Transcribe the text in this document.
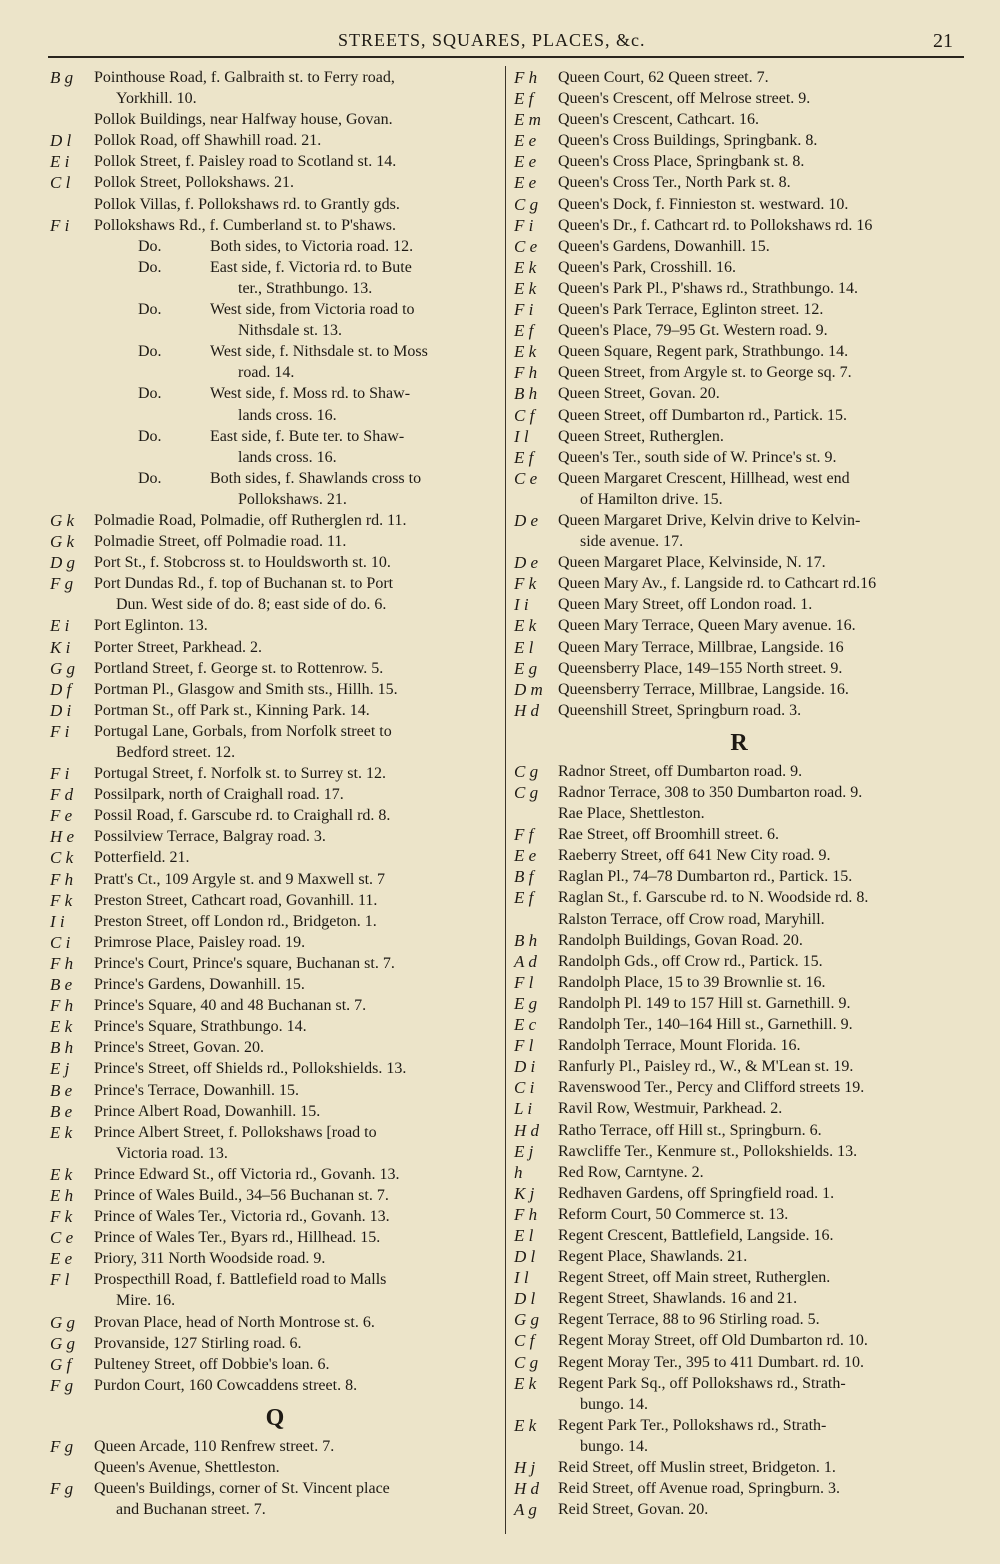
STREETS, SQUARES, PLACES, &c.	21
B g	Pointhouse Road, f. Galbraith st. to Ferry road,
Yorkhill. 10.
Pollok Buildings, near Halfway house, Govan.
D l	Pollok Road, off Shawhill road. 21.
E i	Pollok Street, f. Paisley road to Scotland st. 14.
C l	Pollok Street, Pollokshaws. 21.
Pollok Villas, f. Pollokshaws rd. to Grantly gds.
F i	Pollokshaws Rd., f. Cumberland st. to P'shaws.
Do.	Both sides, to Victoria road. 12.
Do.	East side, f. Victoria rd. to Bute
ter., Strathbungo. 13.
Do.	West side, from Victoria road to
Nithsdale st. 13.
Do.	West side, f. Nithsdale st. to Moss
road. 14.
Do.	West side, f. Moss rd. to Shaw-
lands cross. 16.
Do.	East side, f. Bute ter. to Shaw-
lands cross. 16.
Do.	Both sides, f. Shawlands cross to
Pollokshaws. 21.
G k	Polmadie Road, Polmadie, off Rutherglen rd. 11.
G k	Polmadie Street, off Polmadie road. 11.
D g	Port St., f. Stobcross st. to Houldsworth st. 10.
F g	Port Dundas Rd., f. top of Buchanan st. to Port
Dun. West side of do. 8; east side of do. 6.
E i	Port Eglinton. 13.
K i	Porter Street, Parkhead. 2.
G g	Portland Street, f. George st. to Rottenrow. 5.
D f	Portman Pl., Glasgow and Smith sts., Hillh. 15.
D i	Portman St., off Park st., Kinning Park. 14.
F i	Portugal Lane, Gorbals, from Norfolk street to
Bedford street. 12.
F i	Portugal Street, f. Norfolk st. to Surrey st. 12.
F d	Possilpark, north of Craighall road. 17.
F e	Possil Road, f. Garscube rd. to Craighall rd. 8.
H e	Possilview Terrace, Balgray road. 3.
C k	Potterfield. 21.
F h	Pratt's Ct., 109 Argyle st. and 9 Maxwell st. 7
F k	Preston Street, Cathcart road, Govanhill. 11.
I i	Preston Street, off London rd., Bridgeton. 1.
C i	Primrose Place, Paisley road. 19.
F h	Prince's Court, Prince's square, Buchanan st. 7.
B e	Prince's Gardens, Dowanhill. 15.
F h	Prince's Square, 40 and 48 Buchanan st. 7.
E k	Prince's Square, Strathbungo. 14.
B h	Prince's Street, Govan. 20.
E j	Prince's Street, off Shields rd., Pollokshields. 13.
B e	Prince's Terrace, Dowanhill. 15.
B e	Prince Albert Road, Dowanhill. 15.
E k	Prince Albert Street, f. Pollokshaws [road to
Victoria road. 13.
E k	Prince Edward St., off Victoria rd., Govanh. 13.
E h	Prince of Wales Build., 34–56 Buchanan st. 7.
F k	Prince of Wales Ter., Victoria rd., Govanh. 13.
C e	Prince of Wales Ter., Byars rd., Hillhead. 15.
E e	Priory, 311 North Woodside road. 9.
F l	Prospecthill Road, f. Battlefield road to Malls
Mire. 16.
G g	Provan Place, head of North Montrose st. 6.
G g	Provanside, 127 Stirling road. 6.
G f	Pulteney Street, off Dobbie's loan. 6.
F g	Purdon Court, 160 Cowcaddens street. 8.
Q
F g	Queen Arcade, 110 Renfrew street. 7.
Queen's Avenue, Shettleston.
F g	Queen's Buildings, corner of St. Vincent place
and Buchanan street. 7.
F h	Queen Court, 62 Queen street. 7.
E f	Queen's Crescent, off Melrose street. 9.
E m	Queen's Crescent, Cathcart. 16.
E e	Queen's Cross Buildings, Springbank. 8.
E e	Queen's Cross Place, Springbank st. 8.
E e	Queen's Cross Ter., North Park st. 8.
C g	Queen's Dock, f. Finnieston st. westward. 10.
F i	Queen's Dr., f. Cathcart rd. to Pollokshaws rd. 16
C e	Queen's Gardens, Dowanhill. 15.
E k	Queen's Park, Crosshill. 16.
E k	Queen's Park Pl., P'shaws rd., Strathbungo. 14.
F i	Queen's Park Terrace, Eglinton street. 12.
E f	Queen's Place, 79–95 Gt. Western road. 9.
E k	Queen Square, Regent park, Strathbungo. 14.
F h	Queen Street, from Argyle st. to George sq. 7.
B h	Queen Street, Govan. 20.
C f	Queen Street, off Dumbarton rd., Partick. 15.
I l	Queen Street, Rutherglen.
E f	Queen's Ter., south side of W. Prince's st. 9.
C e	Queen Margaret Crescent, Hillhead, west end
of Hamilton drive. 15.
D e	Queen Margaret Drive, Kelvin drive to Kelvin-
side avenue. 17.
D e	Queen Margaret Place, Kelvinside, N. 17.
F k	Queen Mary Av., f. Langside rd. to Cathcart rd.16
I i	Queen Mary Street, off London road. 1.
E k	Queen Mary Terrace, Queen Mary avenue. 16.
E l	Queen Mary Terrace, Millbrae, Langside. 16
E g	Queensberry Place, 149–155 North street. 9.
D m Queensberry Terrace, Millbrae, Langside. 16.
H d	Queenshill Street, Springburn road. 3.
R
C g	Radnor Street, off Dumbarton road. 9.
C g	Radnor Terrace, 308 to 350 Dumbarton road. 9.
Rae Place, Shettleston.
F f	Rae Street, off Broomhill street. 6.
E e	Raeberry Street, off 641 New City road. 9.
B f	Raglan Pl., 74–78 Dumbarton rd., Partick. 15.
E f	Raglan St., f. Garscube rd. to N. Woodside rd. 8.
Ralston Terrace, off Crow road, Maryhill.
B h	Randolph Buildings, Govan Road. 20.
A d	Randolph Gds., off Crow rd., Partick. 15.
F l	Randolph Place, 15 to 39 Brownlie st. 16.
E g	Randolph Pl. 149 to 157 Hill st. Garnethill. 9.
E c	Randolph Ter., 140–164 Hill st., Garnethill. 9.
F l	Randolph Terrace, Mount Florida. 16.
D i	Ranfurly Pl., Paisley rd., W., & M'Lean st. 19.
C i	Ravenswood Ter., Percy and Clifford streets 19.
L i	Ravil Row, Westmuir, Parkhead. 2.
H d	Ratho Terrace, off Hill st., Springburn. 6.
E j	Rawcliffe Ter., Kenmure st., Pollokshields. 13.
h	Red Row, Carntyne. 2.
K j	Redhaven Gardens, off Springfield road. 1.
F h	Reform Court, 50 Commerce st. 13.
E l	Regent Crescent, Battlefield, Langside. 16.
D l	Regent Place, Shawlands. 21.
I l	Regent Street, off Main street, Rutherglen.
D l	Regent Street, Shawlands. 16 and 21.
G g	Regent Terrace, 88 to 96 Stirling road. 5.
C f	Regent Moray Street, off Old Dumbarton rd. 10.
C g	Regent Moray Ter., 395 to 411 Dumbart. rd. 10.
E k	Regent Park Sq., off Pollokshaws rd., Strath-
bungo. 14.
E k	Regent Park Ter., Pollokshaws rd., Strath-
bungo. 14.
H j	Reid Street, off Muslin street, Bridgeton. 1.
H d	Reid Street, off Avenue road, Springburn. 3.
A g	Reid Street, Govan. 20.
